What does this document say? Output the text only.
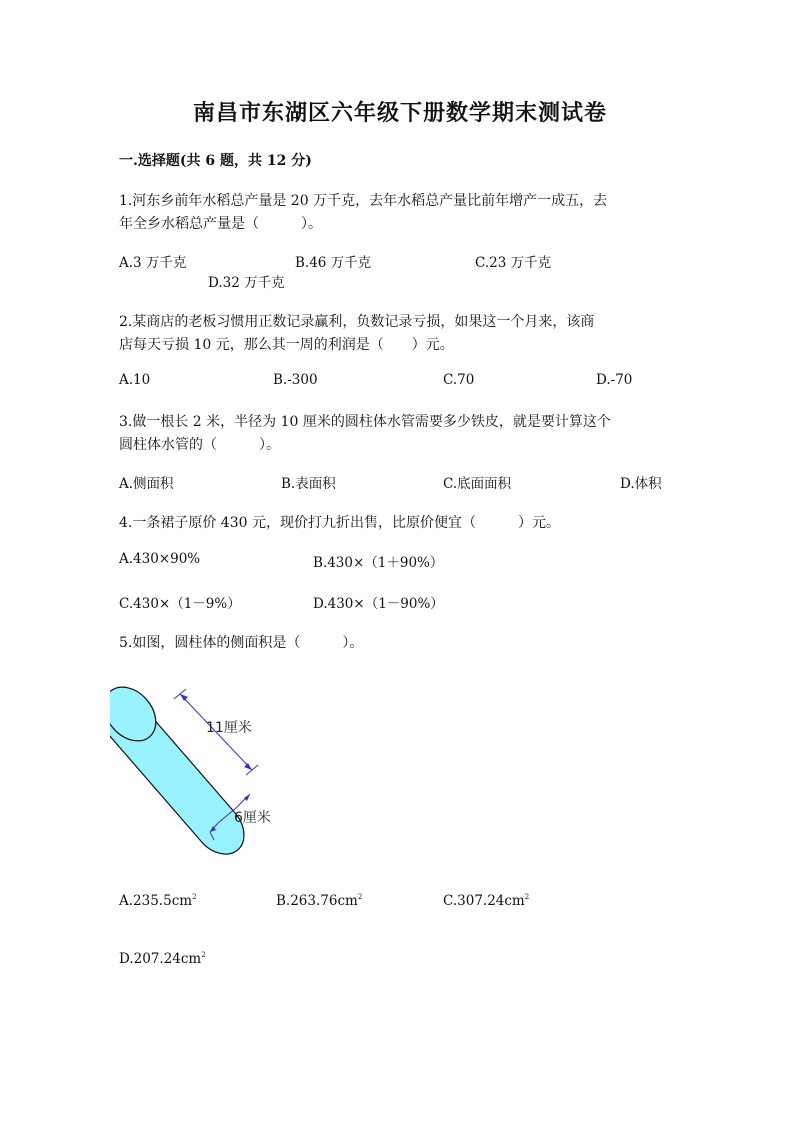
南昌市东湖区六年级下册数学期末测试卷
一.选择题(共 6 题，共 12 分)
1.河东乡前年水稻总产量是 20 万千克，去年水稻总产量比前年增产一成五，去
年全乡水稻总产量是（　　　）。
A.3 万千克	B.46 万千克	C.23 万千克
D.32 万千克
2.某商店的老板习惯用正数记录赢利，负数记录亏损，如果这一个月来，该商
店每天亏损 10 元，那么其一周的利润是（　　）元。
A.10	B.-300	C.70	D.-70
3.做一根长 2 米，半径为 10 厘米的圆柱体水管需要多少铁皮，就是要计算这个
圆柱体水管的（　　　）。
A.侧面积	B.表面积	C.底面面积	D.体积
4.一条裙子原价 430 元，现价打九折出售，比原价便宜（　　　）元。
A.430×90%	B.430×（1＋90%）
C.430×（1－9%）	D.430×（1－90%）
5.如图，圆柱体的侧面积是（　　　）。
11厘米
6厘米
$A.235.5cm^2$	$B.263.76cm^2$	$C.307.24cm^2$
$D.207.24cm^2$
